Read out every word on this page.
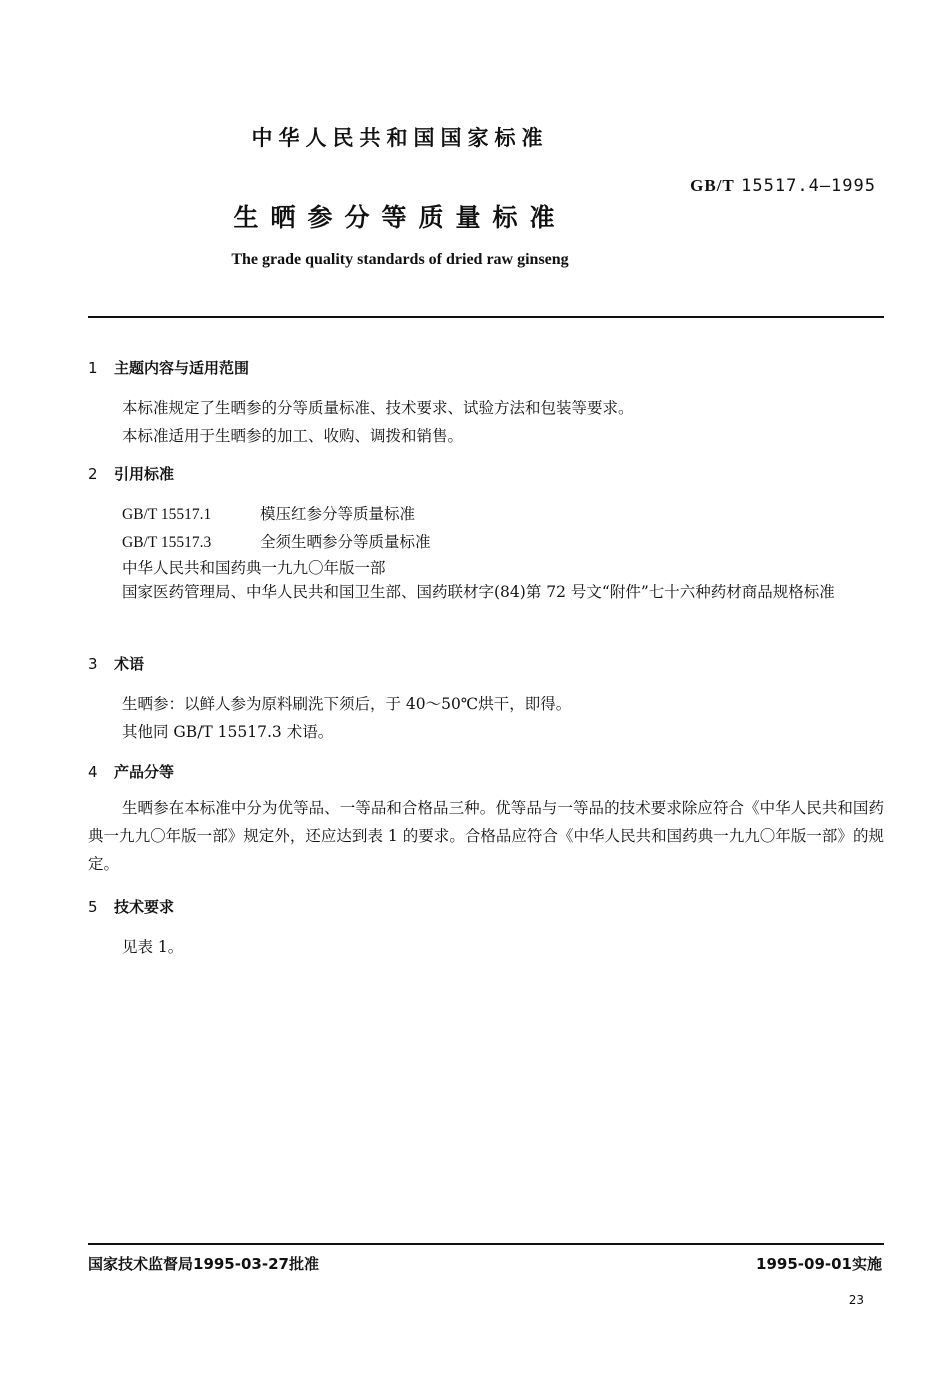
中华人民共和国国家标准
GB/T 15517.4—1995
生晒参分等质量标准
The grade quality standards of dried raw ginseng
1 主题内容与适用范围
本标准规定了生晒参的分等质量标准、技术要求、试验方法和包装等要求。
本标准适用于生晒参的加工、收购、调拨和销售。
2 引用标准
GB/T 15517.1	模压红参分等质量标准
GB/T 15517.3	全须生晒参分等质量标准
中华人民共和国药典一九九〇年版一部

国家医药管理局、中华人民共和国卫生部、国药联材字(84)第 72 号文“附件”七十六种药材商品规格标准

3 术语
生晒参：以鲜人参为原料刷洗下须后，于 40～50℃烘干，即得。
其他同 GB/T 15517.3 术语。
4 产品分等

生晒参在本标准中分为优等品、一等品和合格品三种。优等品与一等品的技术要求除应符合《中华人民共和国药典一九九〇年版一部》规定外，还应达到表 1 的要求。合格品应符合《中华人民共和国药典一九九〇年版一部》的规定。

5 技术要求
见表 1。
国家技术监督局1995-03-27批准	1995-09-01实施
23
